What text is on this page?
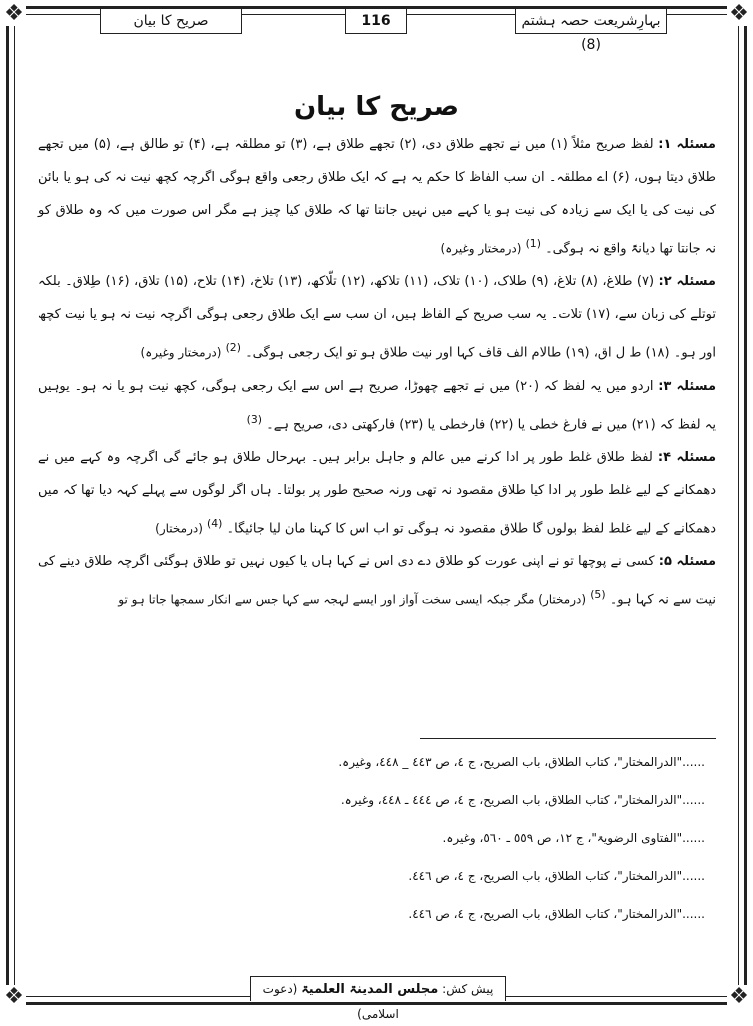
❖	❖
❖	❖
بہارِشریعت حصہ ہشتم (8)
116
صریح کا بیان
صریح کا بیان

مسئلہ ۱: لفظ صریح مثلاً (۱) میں نے تجھے طلاق دی، (۲) تجھے طلاق ہے، (۳) تو مطلقہ ہے، (۴) تو طالق ہے، (۵) میں تجھے طلاق دیتا ہوں، (۶) اے مطلقہ۔ ان سب الفاظ کا حکم یہ ہے کہ ایک طلاق رجعی واقع ہوگی اگرچہ کچھ نیت نہ کی ہو یا بائن کی نیت کی یا ایک سے زیادہ کی نیت ہو یا کہے میں نہیں جانتا تھا کہ طلاق کیا چیز ہے مگر اس صورت میں کہ وہ طلاق کو نہ جانتا تھا دیانۃً واقع نہ ہوگی۔ $^{(1)}$ (درمختار وغیرہ)

مسئلہ ۲: (۷) طلاغ، (۸) تلاغ، (۹) طلاک، (۱۰) تلاک، (۱۱) تلاکھ، (۱۲) تلّاکھ، (۱۳) تلاخ، (۱۴) تلاح، (۱۵) تلاق، (۱۶) طِلاق۔ بلکہ توتلے کی زبان سے، (۱۷) تلات۔ یہ سب صریح کے الفاظ ہیں، ان سب سے ایک طلاق رجعی ہوگی اگرچہ نیت نہ ہو یا نیت کچھ اور ہو۔ (۱۸) ط ل اق، (۱۹) طالام الف قاف کہا اور نیت طلاق ہو تو ایک رجعی ہوگی۔ $^{(2)}$ (درمختار وغیرہ)

مسئلہ ۳: اردو میں یہ لفظ کہ (۲۰) میں نے تجھے چھوڑا، صریح ہے اس سے ایک رجعی ہوگی، کچھ نیت ہو یا نہ ہو۔ یوہیں یہ لفظ کہ (۲۱) میں نے فارغ خطی یا (۲۲) فارخطی یا (۲۳) فارکھتی دی، صریح ہے۔ $^{(3)}$

مسئلہ ۴: لفظ طلاق غلط طور پر ادا کرنے میں عالم و جاہل برابر ہیں۔ بہرحال طلاق ہو جائے گی اگرچہ وہ کہے میں نے دھمکانے کے لیے غلط طور پر ادا کیا طلاق مقصود نہ تھی ورنہ صحیح طور پر بولتا۔ ہاں اگر لوگوں سے پہلے کہہ دیا تھا کہ میں دھمکانے کے لیے غلط لفظ بولوں گا طلاق مقصود نہ ہوگی تو اب اس کا کہنا مان لیا جائیگا۔ $^{(4)}$ (درمختار)

مسئلہ ۵: کسی نے پوچھا تو نے اپنی عورت کو طلاق دے دی اس نے کہا ہاں یا کیوں نہیں تو طلاق ہوگئی اگرچہ طلاق دینے کی نیت سے نہ کہا ہو۔ $^{(5)}$ (درمختار) مگر جبکہ ایسی سخت آواز اور ایسے لہجہ سے کہا جس سے انکار سمجھا جاتا ہو تو

......"الدرالمختار"، کتاب الطلاق، باب الصریح، ج ٤، ص ٤٤٣ _ ٤٤٨، وغیرہ.
......"الدرالمختار"، کتاب الطلاق، باب الصریح، ج ٤، ص ٤٤٤ ـ ٤٤٨، وغیرہ.
......"الفتاوی الرضویۃ"، ج ١٢، ص ٥٥٩ ـ ٥٦٠، وغیرہ.
......"الدرالمختار"، کتاب الطلاق، باب الصریح، ج ٤، ص ٤٤٦.
......"الدرالمختار"، کتاب الطلاق، باب الصریح، ج ٤، ص ٤٤٦.
پیش کش: مجلس المدینۃ العلمیۃ (دعوت اسلامی)
